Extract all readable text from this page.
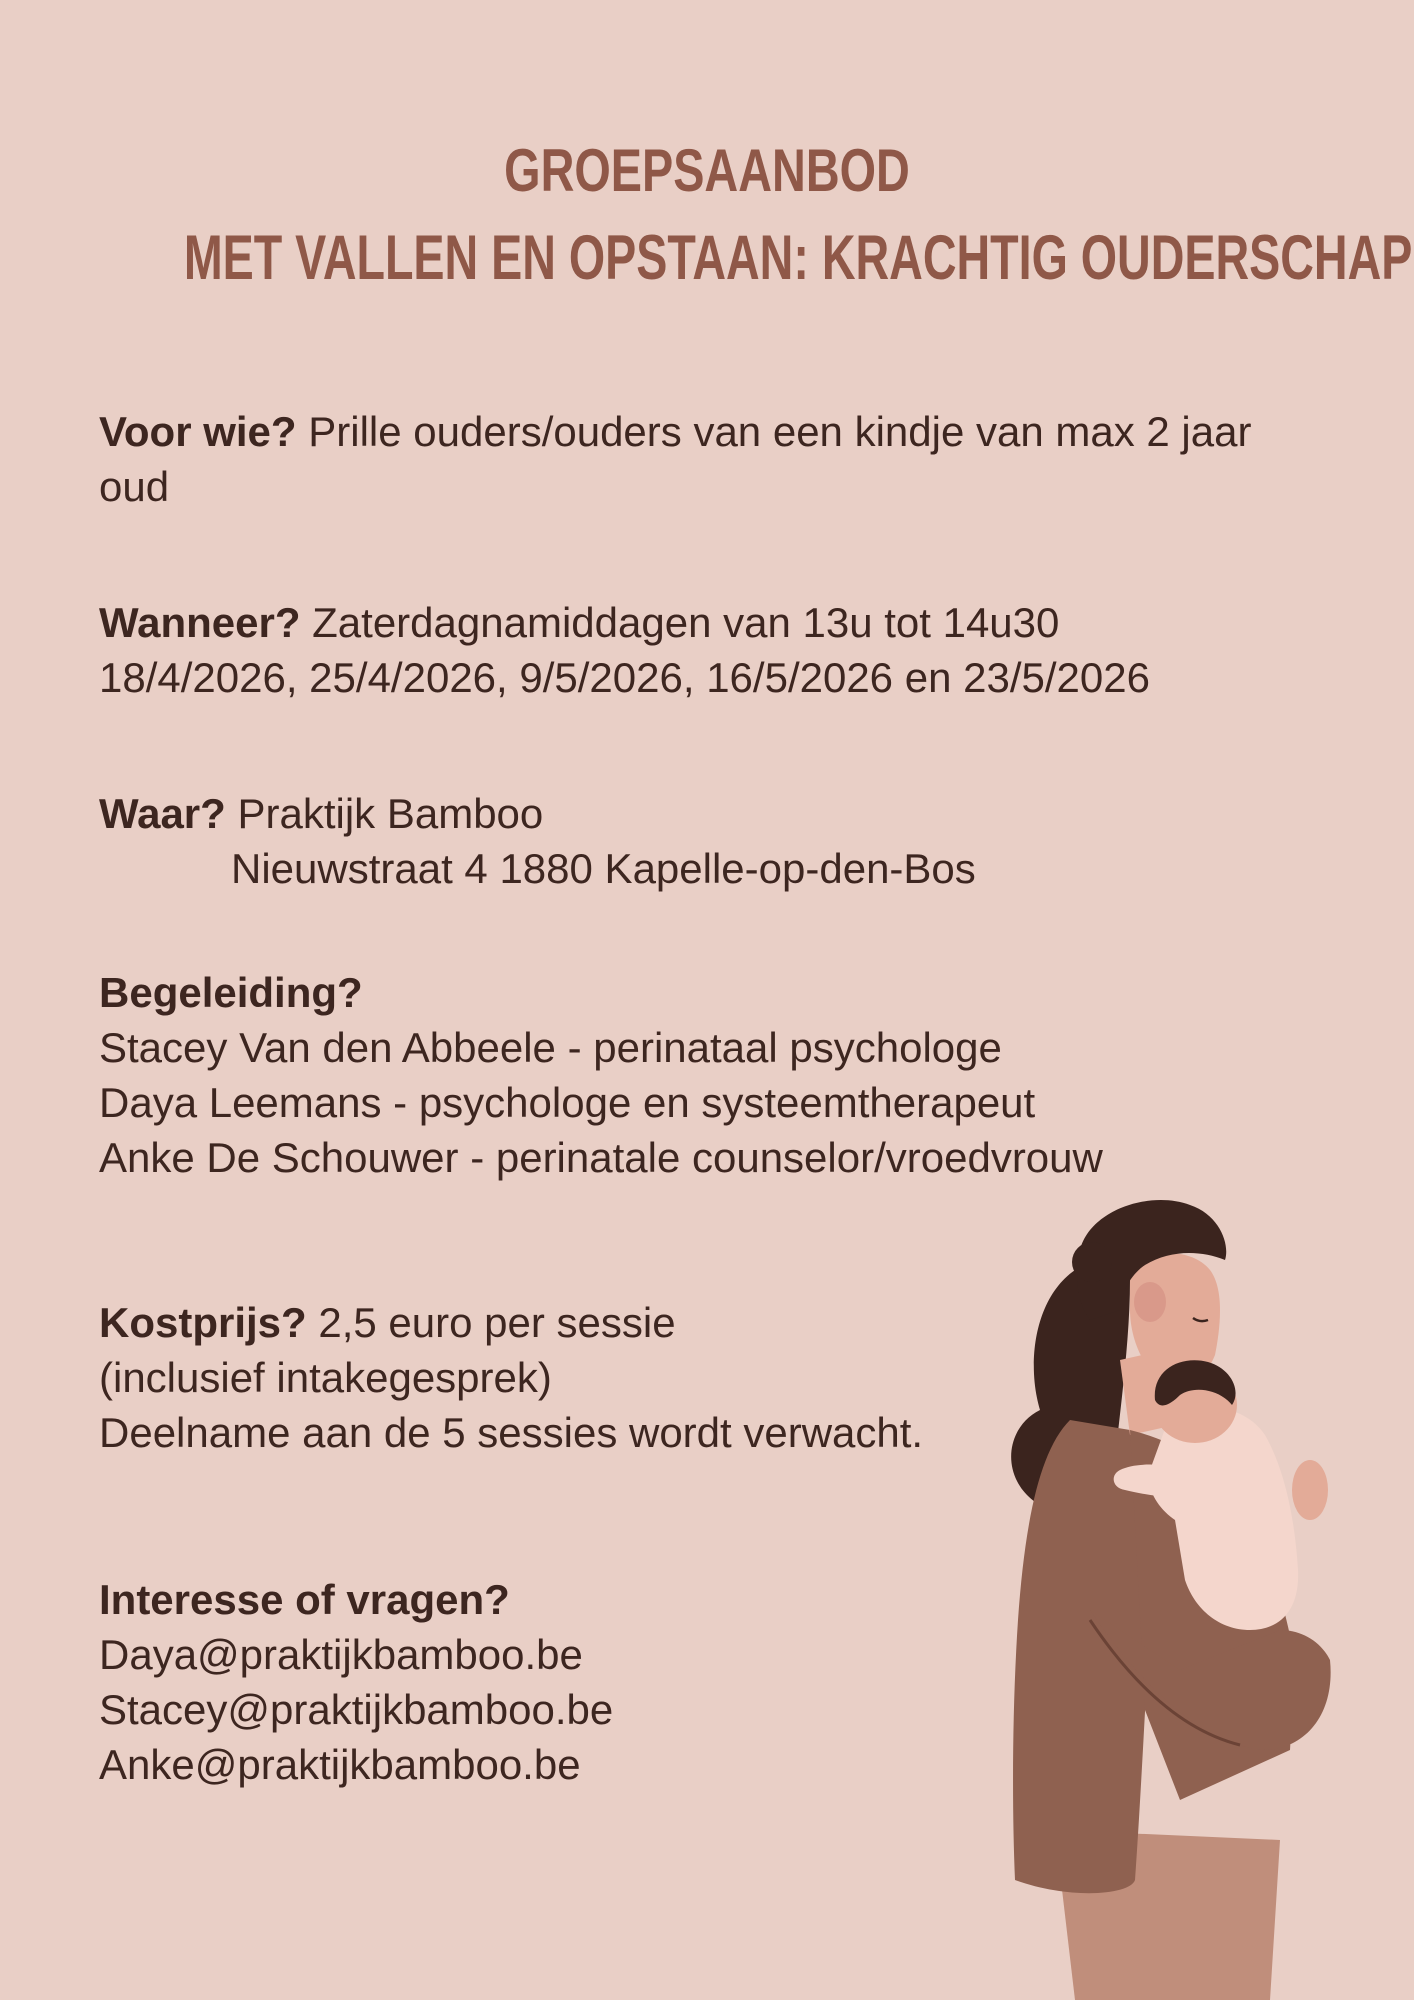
GROEPSAANBOD
MET VALLEN EN OPSTAAN: KRACHTIG OUDERSCHAP
Voor wie? Prille ouders/ouders van een kindje van max 2 jaar
oud
Wanneer? Zaterdagnamiddagen van 13u tot 14u30
18/4/2026, 25/4/2026, 9/5/2026, 16/5/2026 en 23/5/2026
Waar? Praktijk Bamboo
Nieuwstraat 4 1880 Kapelle-op-den-Bos
Begeleiding?
Stacey Van den Abbeele - perinataal psychologe
Daya Leemans - psychologe en systeemtherapeut
Anke De Schouwer - perinatale counselor/vroedvrouw
Kostprijs? 2,5 euro per sessie
(inclusief intakegesprek)
Deelname aan de 5 sessies wordt verwacht.
Interesse of vragen?
Daya@praktijkbamboo.be
Stacey@praktijkbamboo.be
Anke@praktijkbamboo.be
